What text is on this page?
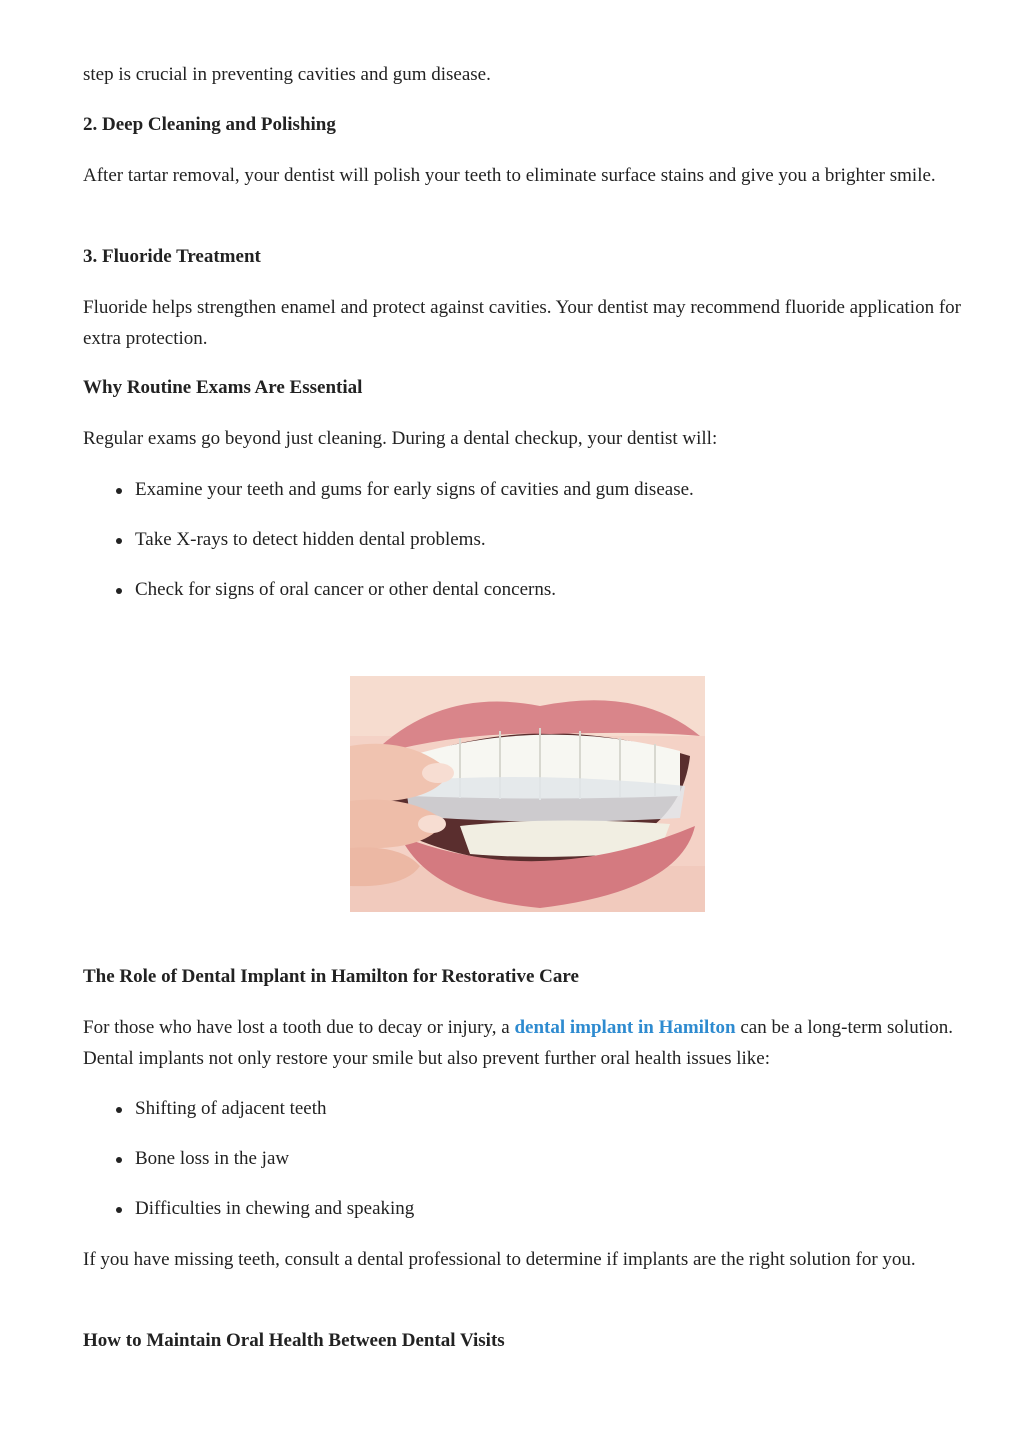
step is crucial in preventing cavities and gum disease.

2. Deep Cleaning and Polishing

After tartar removal, your dentist will polish your teeth to eliminate surface stains and give you a brighter smile.

3. Fluoride Treatment

Fluoride helps strengthen enamel and protect against cavities. Your dentist may recommend fluoride application for extra protection.

Why Routine Exams Are Essential

Regular exams go beyond just cleaning. During a dental checkup, your dentist will:

Examine your teeth and gums for early signs of cavities and gum disease.
Take X-rays to detect hidden dental problems.
Check for signs of oral cancer or other dental concerns.
The Role of Dental Implant in Hamilton for Restorative Care

For those who have lost a tooth due to decay or injury, a dental implant in Hamilton can be a long-term solution. Dental implants not only restore your smile but also prevent further oral health issues like:

Shifting of adjacent teeth
Bone loss in the jaw
Difficulties in chewing and speaking

If you have missing teeth, consult a dental professional to determine if implants are the right solution for you.

How to Maintain Oral Health Between Dental Visits
